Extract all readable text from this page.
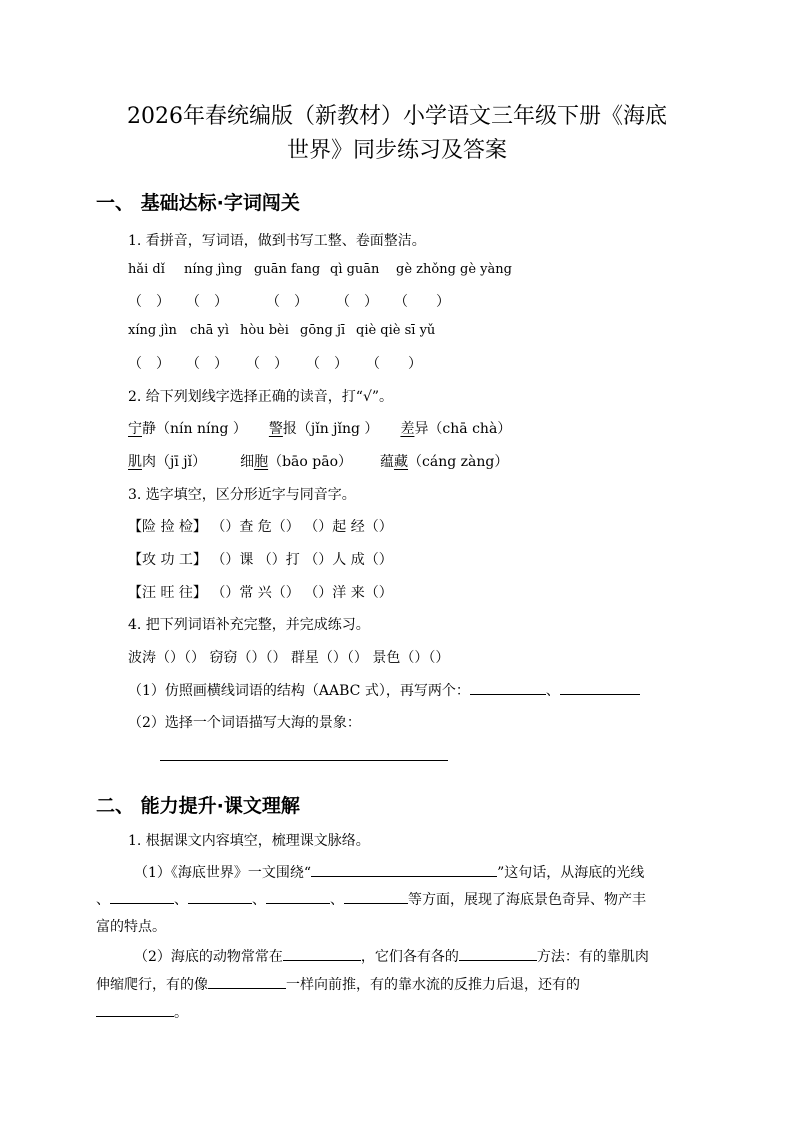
2026年春统编版（新教材）小学语文三年级下册《海底
世界》同步练习及答案
一、 基础达标·字词闯关
1. 看拼音，写词语，做到书写工整、卷面整洁。
hǎi dǐ níng jìng guān fang qì guān gè zhǒng gè yàng
（　） （　）	（　） （　） （　　）
xíng jìn chā yì hòu bèi gōng jī qiè qiè sī yǔ
（　） （　） （　） （　） （　　）
2. 给下列划线字选择正确的读音，打“√”。
宁静（nín níng ） 警报（jǐn jǐng ） 差异（chā chà）
肌肉（jī jǐ） 细胞（bāo pāo） 蕴藏（cáng zàng）
3. 选字填空，区分形近字与同音字。
【险 捡 检】 （）查 危（） （）起 经（）
【攻 功 工】 （）课 （）打 （）人 成（）
【汪 旺 往】 （）常 兴（） （）洋 来（）
4. 把下列词语补充完整，并完成练习。
波涛（）（） 窃窃（）（） 群星（）（） 景色（）（）
（1）仿照画横线词语的结构（AABC 式），再写两个：	、
（2）选择一个词语描写大海的景象：
二、 能力提升·课文理解
1. 根据课文内容填空，梳理课文脉络。
（1）《海底世界》一文围绕“	”这句话，从海底的光线
、	、	、	、	等方面，展现了海底景色奇异、物产丰
富的特点。
（2）海底的动物常常在	，它们各有各的	方法：有的靠肌肉
伸缩爬行，有的像	一样向前推，有的靠水流的反推力后退，还有的
。
